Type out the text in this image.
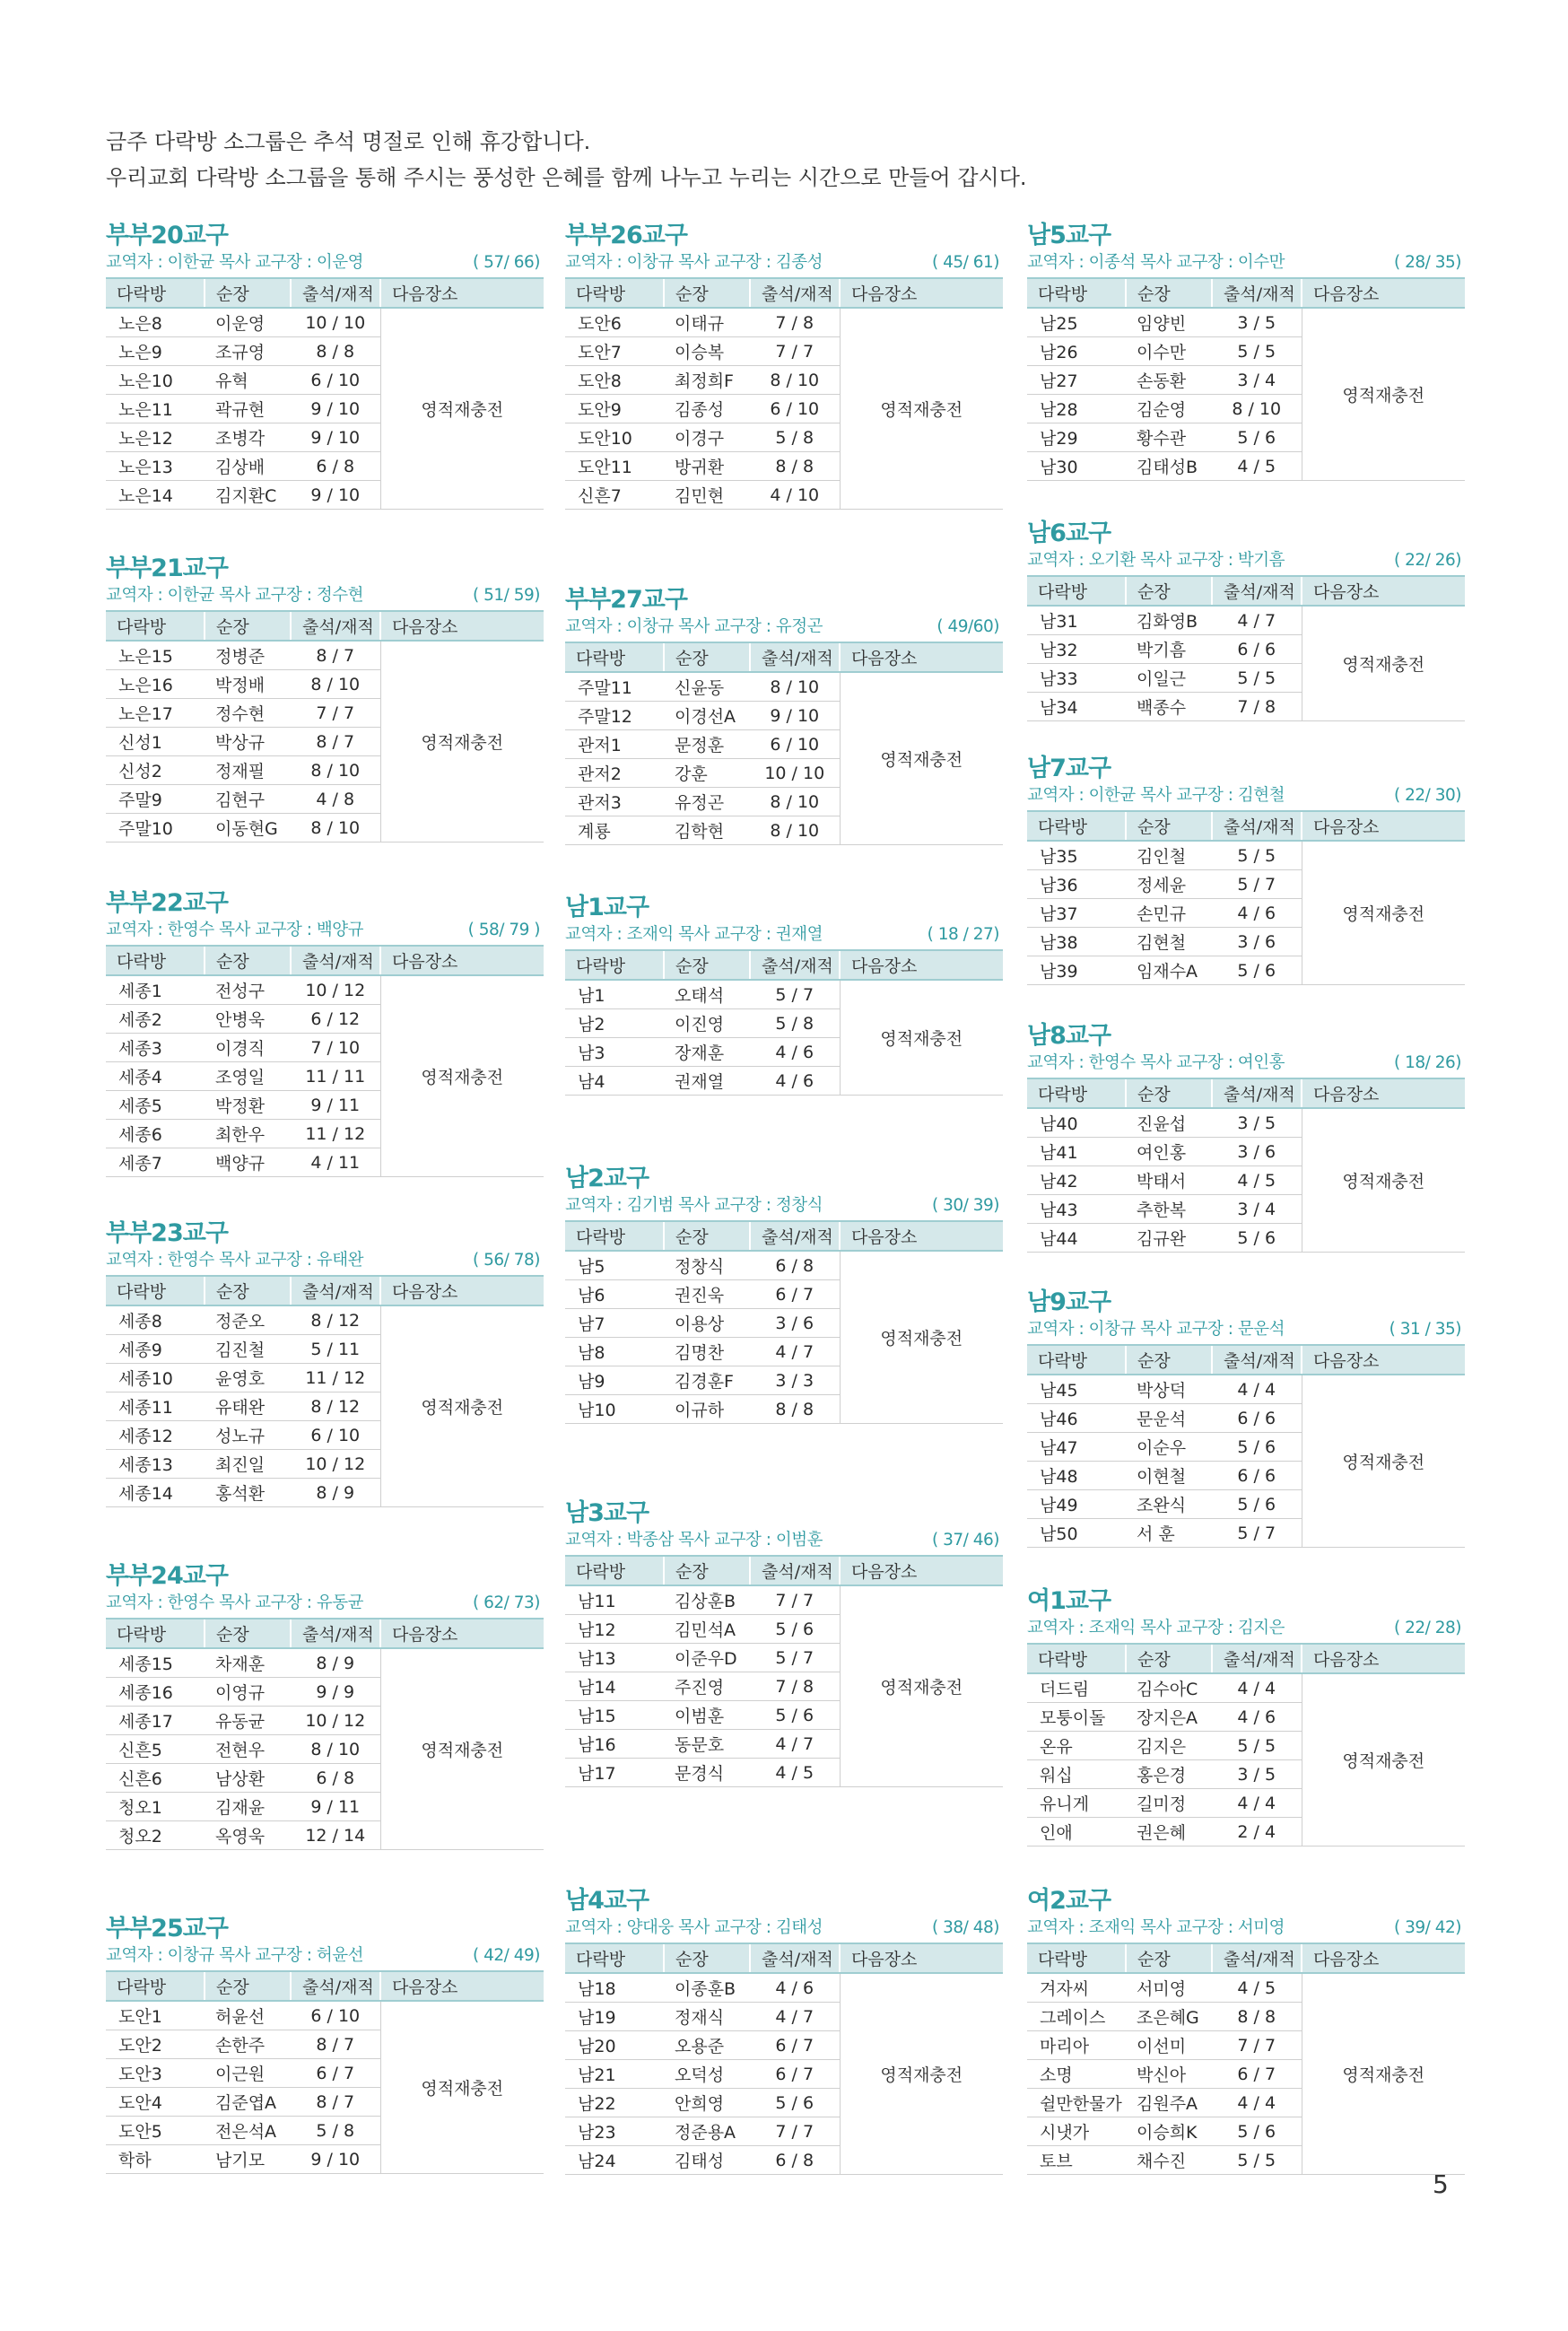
금주 다락방 소그룹은 추석 명절로 인해 휴강합니다.
우리교회 다락방 소그룹을 통해 주시는 풍성한 은혜를 함께 나누고 누리는 시간으로 만들어 갑시다.
부부20교구
교역자 : 이한균 목사 교구장 : 이운영	( 57/ 66)
다락방	순장	출석/재적	다음장소
노은8	이운영	10 / 10	영적재충전
노은9	조규영	8 / 8	
노은10	유혁	6 / 10	
노은11	곽규현	9 / 10	
노은12	조병각	9 / 10	
노은13	김상배	6 / 8	
노은14	김지환C	9 / 10	
부부21교구
교역자 : 이한균 목사 교구장 : 정수현	( 51/ 59)
다락방	순장	출석/재적	다음장소
노은15	정병준	8 / 7	영적재충전
노은16	박정배	8 / 10	
노은17	정수현	7 / 7	
신성1	박상규	8 / 7	
신성2	정재필	8 / 10	
주말9	김현구	4 / 8	
주말10	이동현G	8 / 10	
부부22교구
교역자 : 한영수 목사 교구장 : 백양규	( 58/ 79 )
다락방	순장	출석/재적	다음장소
세종1	전성구	10 / 12	영적재충전
세종2	안병욱	6 / 12	
세종3	이경직	7 / 10	
세종4	조영일	11 / 11	
세종5	박정환	9 / 11	
세종6	최한우	11 / 12	
세종7	백양규	4 / 11	
부부23교구
교역자 : 한영수 목사 교구장 : 유태완	( 56/ 78)
다락방	순장	출석/재적	다음장소
세종8	정준오	8 / 12	영적재충전
세종9	김진철	5 / 11	
세종10	윤영호	11 / 12	
세종11	유태완	8 / 12	
세종12	성노규	6 / 10	
세종13	최진일	10 / 12	
세종14	홍석환	8 / 9	
부부24교구
교역자 : 한영수 목사 교구장 : 유동균	( 62/ 73)
다락방	순장	출석/재적	다음장소
세종15	차재훈	8 / 9	영적재충전
세종16	이영규	9 / 9	
세종17	유동균	10 / 12	
신흔5	전현우	8 / 10	
신흔6	남상환	6 / 8	
청오1	김재윤	9 / 11	
청오2	옥영욱	12 / 14	
부부25교구
교역자 : 이창규 목사 교구장 : 허윤선	( 42/ 49)
다락방	순장	출석/재적	다음장소
도안1	허윤선	6 / 10	영적재충전
도안2	손한주	8 / 7	
도안3	이근원	6 / 7	
도안4	김준엽A	8 / 7	
도안5	전은석A	5 / 8	
학하	남기모	9 / 10	
부부26교구
교역자 : 이창규 목사 교구장 : 김종성	( 45/ 61)
다락방	순장	출석/재적	다음장소
도안6	이태규	7 / 8	영적재충전
도안7	이승복	7 / 7	
도안8	최정희F	8 / 10	
도안9	김종성	6 / 10	
도안10	이경구	5 / 8	
도안11	방귀환	8 / 8	
신흔7	김민현	4 / 10	
부부27교구
교역자 : 이창규 목사 교구장 : 유정곤	( 49/60)
다락방	순장	출석/재적	다음장소
주말11	신윤동	8 / 10	영적재충전
주말12	이경선A	9 / 10	
관저1	문정훈	6 / 10	
관저2	강훈	10 / 10	
관저3	유정곤	8 / 10	
계룡	김학현	8 / 10	
남1교구
교역자 : 조재익 목사 교구장 : 권재열	( 18 / 27)
다락방	순장	출석/재적	다음장소
남1	오태석	5 / 7	영적재충전
남2	이진영	5 / 8	
남3	장재훈	4 / 6	
남4	권재열	4 / 6	
남2교구
교역자 : 김기범 목사 교구장 : 정창식	( 30/ 39)
다락방	순장	출석/재적	다음장소
남5	정창식	6 / 8	영적재충전
남6	권진욱	6 / 7	
남7	이용상	3 / 6	
남8	김명찬	4 / 7	
남9	김경훈F	3 / 3	
남10	이규하	8 / 8	
남3교구
교역자 : 박종삼 목사 교구장 : 이범훈	( 37/ 46)
다락방	순장	출석/재적	다음장소
남11	김상훈B	7 / 7	영적재충전
남12	김민석A	5 / 6	
남13	이준우D	5 / 7	
남14	주진영	7 / 8	
남15	이범훈	5 / 6	
남16	동문호	4 / 7	
남17	문경식	4 / 5	
남4교구
교역자 : 양대웅 목사 교구장 : 김태성	( 38/ 48)
다락방	순장	출석/재적	다음장소
남18	이종훈B	4 / 6	영적재충전
남19	정재식	4 / 7	
남20	오용준	6 / 7	
남21	오덕성	6 / 7	
남22	안희영	5 / 6	
남23	정준용A	7 / 7	
남24	김태성	6 / 8	
남5교구
교역자 : 이종석 목사 교구장 : 이수만	( 28/ 35)
다락방	순장	출석/재적	다음장소
남25	임양빈	3 / 5	영적재충전
남26	이수만	5 / 5	
남27	손동환	3 / 4	
남28	김순영	8 / 10	
남29	황수관	5 / 6	
남30	김태성B	4 / 5	
남6교구
교역자 : 오기환 목사 교구장 : 박기흠	( 22/ 26)
다락방	순장	출석/재적	다음장소
남31	김화영B	4 / 7	영적재충전
남32	박기흠	6 / 6	
남33	이일근	5 / 5	
남34	백종수	7 / 8	
남7교구
교역자 : 이한균 목사 교구장 : 김현철	( 22/ 30)
다락방	순장	출석/재적	다음장소
남35	김인철	5 / 5	영적재충전
남36	정세윤	5 / 7	
남37	손민규	4 / 6	
남38	김현철	3 / 6	
남39	임재수A	5 / 6	
남8교구
교역자 : 한영수 목사 교구장 : 여인홍	( 18/ 26)
다락방	순장	출석/재적	다음장소
남40	진윤섭	3 / 5	영적재충전
남41	여인홍	3 / 6	
남42	박태서	4 / 5	
남43	추한복	3 / 4	
남44	김규완	5 / 6	
남9교구
교역자 : 이창규 목사 교구장 : 문운석	( 31 / 35)
다락방	순장	출석/재적	다음장소
남45	박상덕	4 / 4	영적재충전
남46	문운석	6 / 6	
남47	이순우	5 / 6	
남48	이현철	6 / 6	
남49	조완식	5 / 6	
남50	서 훈	5 / 7	
여1교구
교역자 : 조재익 목사 교구장 : 김지은	( 22/ 28)
다락방	순장	출석/재적	다음장소
더드림	김수아C	4 / 4	영적재충전
모퉁이돌	장지은A	4 / 6	
온유	김지은	5 / 5	
워십	홍은경	3 / 5	
유니게	길미정	4 / 4	
인애	권은혜	2 / 4	
여2교구
교역자 : 조재익 목사 교구장 : 서미영	( 39/ 42)
다락방	순장	출석/재적	다음장소
겨자씨	서미영	4 / 5	영적재충전
그레이스	조은혜G	8 / 8	
마리아	이선미	7 / 7	
소명	박신아	6 / 7	
쉴만한물가	김원주A	4 / 4	
시냇가	이승희K	5 / 6	
토브	채수진	5 / 5	
5
